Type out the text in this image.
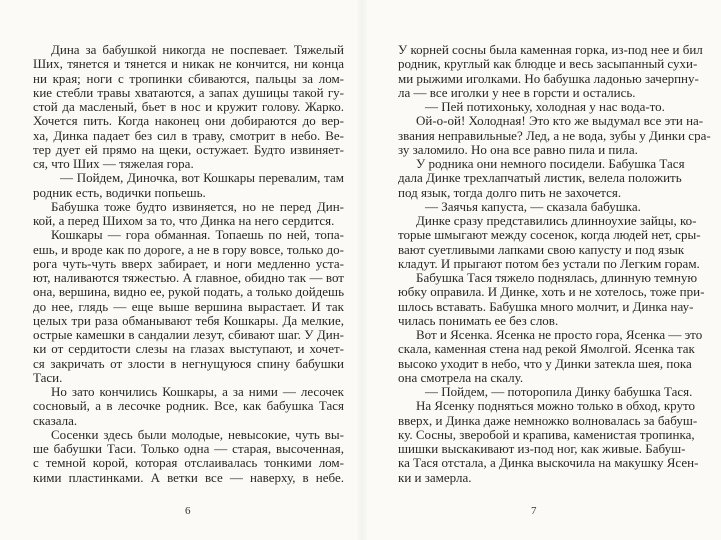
Дина за бабушкой никогда не поспевает. Тяжелый
Ших, тянется и тянется и никак не кончится, ни конца
ни края; ноги с тропинки сбиваются, пальцы за лом-
кие стебли травы хватаются, а запах душицы такой гу-
стой да масленый, бьет в нос и кружит голову. Жарко.
Хочется пить. Когда наконец они добираются до вер-
ха, Динка падает без сил в траву, смотрит в небо. Ве-
тер дует ей прямо на щеки, остужает. Будто извиняет-
ся, что Ших — тяжелая гора.
— Пойдем, Диночка, вот Кошкары перевалим, там
родник есть, водички попьешь.
Бабушка тоже будто извиняется, но не перед Дин-
кой, а перед Шихом за то, что Динка на него сердится.
Кошкары — гора обманная. Топаешь по ней, топа-
ешь, и вроде как по дороге, а не в гору вовсе, только до-
рога чуть-чуть вверх забирает, и ноги медленно уста-
ют, наливаются тяжестью. А главное, обидно так — вот
она, вершина, видно ее, рукой подать, а только дойдешь
до нее, глядь — еще выше вершина вырастает. И так
целых три раза обманывают тебя Кошкары. Да мелкие,
острые камешки в сандалии лезут, сбивают шаг. У Дин-
ки от сердитости слезы на глазах выступают, и хочет-
ся закричать от злости в негнущуюся спину бабушки
Таси.
Но зато кончились Кошкары, а за ними — лесочек
сосновый, а в лесочке родник. Все, как бабушка Тася
сказала.
Сосенки здесь были молодые, невысокие, чуть вы-
ше бабушки Таси. Только одна — старая, высоченная,
с темной корой, которая отслаивалась тонкими лом-
кими пластинками. А ветки все — наверху, в небе.
У корней сосны была каменная горка, из-под нее и бил
родник, круглый как блюдце и весь засыпанный сухи-
ми рыжими иголками. Но бабушка ладонью зачерпну-
ла — все иголки у нее в горсти и остались.
— Пей потихоньку, холодная у нас вода-то.
Ой-о-ой! Холодная! Это кто же выдумал все эти на-
звания неправильные? Лед, а не вода, зубы у Динки сра-
зу заломило. Но она все равно пила и пила.
У родника они немного посидели. Бабушка Тася
дала Динке трехлапчатый листик, велела положить
под язык, тогда долго пить не захочется.
— Заячья капуста, — сказала бабушка.
Динке сразу представились длинноухие зайцы, ко-
торые шмыгают между сосенок, когда людей нет, сры-
вают суетливыми лапками свою капусту и под язык
кладут. И прыгают потом без устали по Легким горам.
Бабушка Тася тяжело поднялась, длинную темную
юбку оправила. И Динке, хоть и не хотелось, тоже при-
шлось вставать. Бабушка много молчит, и Динка нау-
чилась понимать ее без слов.
Вот и Ясенка. Ясенка не просто гора, Ясенка — это
скала, каменная стена над рекой Ямолгой. Ясенка так
высоко уходит в небо, что у Динки затекла шея, пока
она смотрела на скалу.
— Пойдем, — поторопила Динку бабушка Тася.
На Ясенку подняться можно только в обход, круто
вверх, и Динка даже немножко волновалась за бабуш-
ку. Сосны, зверобой и крапива, каменистая тропинка,
шишки выскакивают из-под ног, как живые. Бабуш-
ка Тася отстала, а Динка выскочила на макушку Ясен-
ки и замерла.
6	7
